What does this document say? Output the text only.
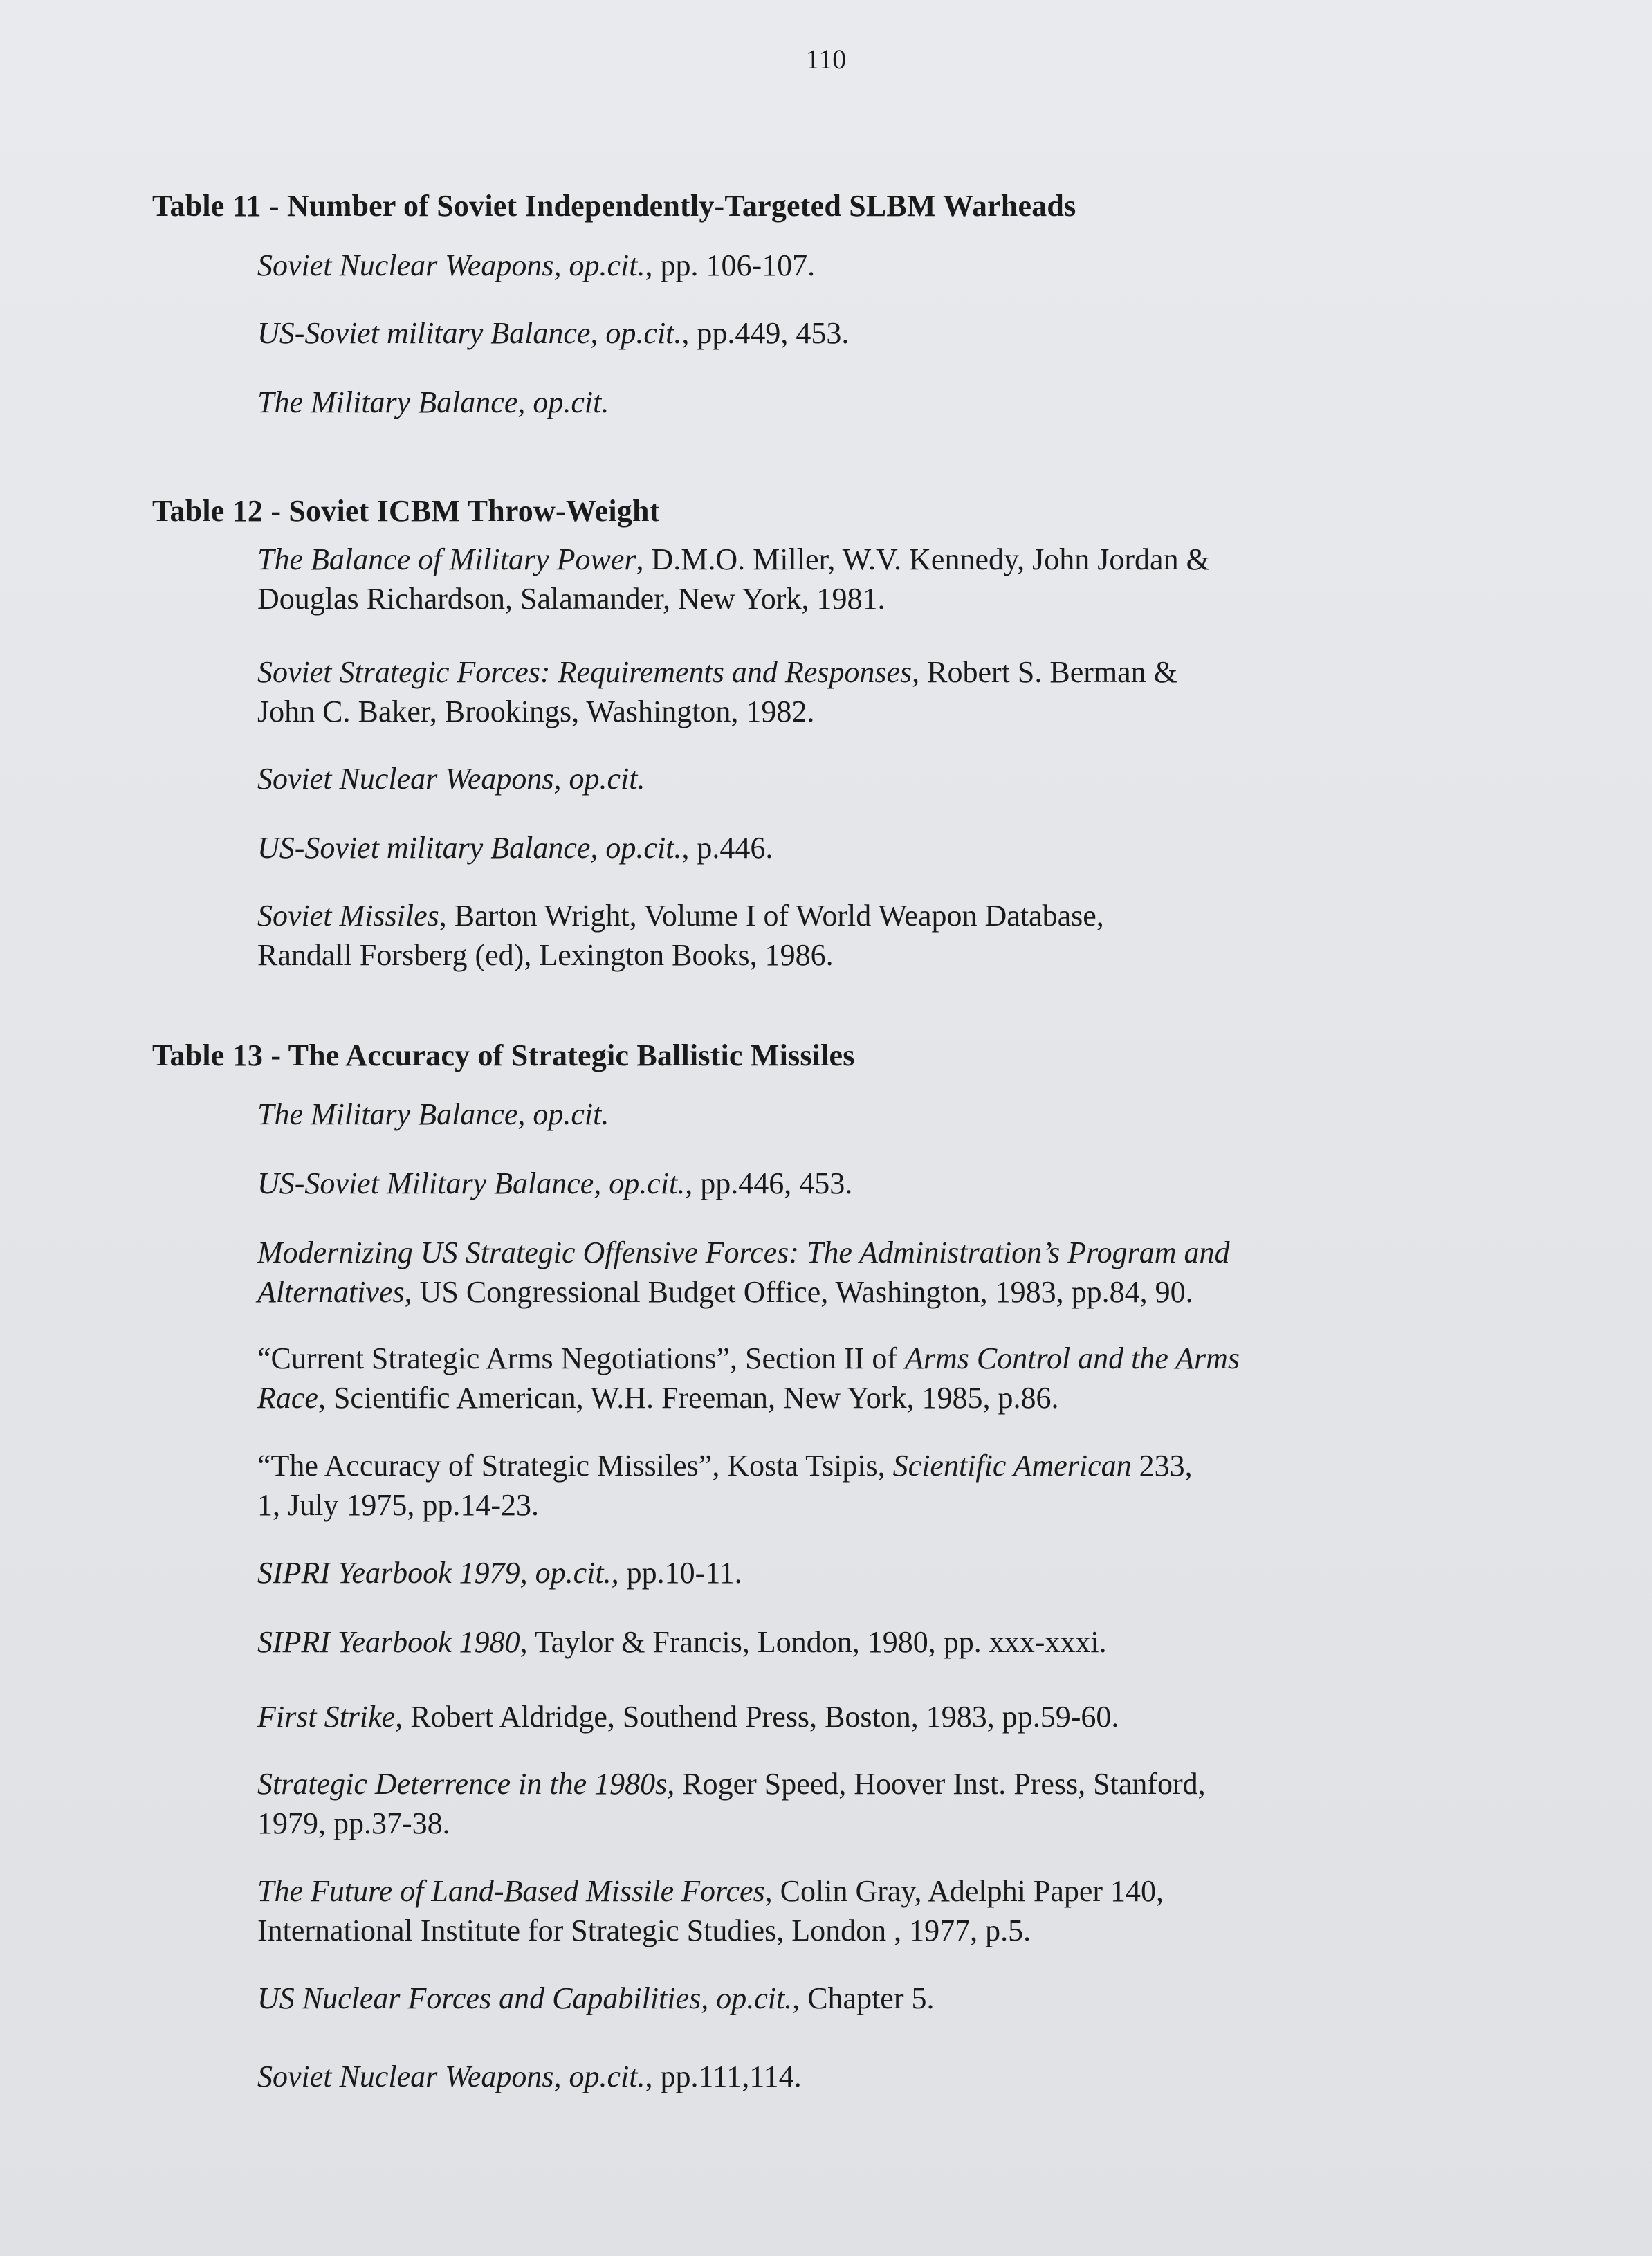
110
Table 11 - Number of Soviet Independently-Targeted SLBM Warheads
Soviet Nuclear Weapons, op.cit., pp. 106-107.
US-Soviet military Balance, op.cit., pp.449, 453.
The Military Balance, op.cit.
Table 12 - Soviet ICBM Throw-Weight
The Balance of Military Power, D.M.O. Miller, W.V. Kennedy, John Jordan &
Douglas Richardson, Salamander, New York, 1981.
Soviet Strategic Forces: Requirements and Responses, Robert S. Berman &
John C. Baker, Brookings, Washington, 1982.
Soviet Nuclear Weapons, op.cit.
US-Soviet military Balance, op.cit., p.446.
Soviet Missiles, Barton Wright, Volume I of World Weapon Database,
Randall Forsberg (ed), Lexington Books, 1986.
Table 13 - The Accuracy of Strategic Ballistic Missiles
The Military Balance, op.cit.
US-Soviet Military Balance, op.cit., pp.446, 453.
Modernizing US Strategic Offensive Forces: The Administration’s Program and
Alternatives, US Congressional Budget Office, Washington, 1983, pp.84, 90.
“Current Strategic Arms Negotiations”, Section II of Arms Control and the Arms
Race, Scientific American, W.H. Freeman, New York, 1985, p.86.
“The Accuracy of Strategic Missiles”, Kosta Tsipis, Scientific American 233,
1, July 1975, pp.14-23.
SIPRI Yearbook 1979, op.cit., pp.10-11.
SIPRI Yearbook 1980, Taylor & Francis, London, 1980, pp. xxx-xxxi.
First Strike, Robert Aldridge, Southend Press, Boston, 1983, pp.59-60.
Strategic Deterrence in the 1980s, Roger Speed, Hoover Inst. Press, Stanford,
1979, pp.37-38.
The Future of Land-Based Missile Forces, Colin Gray, Adelphi Paper 140,
International Institute for Strategic Studies, London , 1977, p.5.
US Nuclear Forces and Capabilities, op.cit., Chapter 5.
Soviet Nuclear Weapons, op.cit., pp.111,114.
